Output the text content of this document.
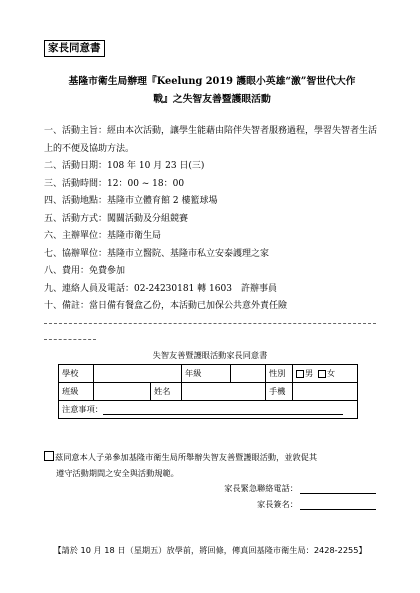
家長同意書
基隆市衛生局辦理『Keelung 2019 護眼小英雄“激”智世代大作
戰』之失智友善暨護眼活動
一、活動主旨：經由本次活動，讓學生能藉由陪伴失智者服務過程，學習失智者生活上的不便及協助方法。
二、活動日期：108 年 10 月 23 日(三)
三、活動時間：12：00 ~ 18：00
四、活動地點：基隆市立體育館 2 樓籃球場
五、活動方式：闖關活動及分組競賽
六、主辦單位：基隆市衛生局
七、協辦單位：基隆市立醫院、基隆市私立安泰護理之家
八、費用：免費參加
九、連絡人員及電話：02-24230181 轉 1603　許辦事員
十、備註：當日備有餐盒乙份，本活動已加保公共意外責任險
失智友善暨護眼活動家長同意書
學校			年級		性別	男 女
班級		姓名			手機	
注意事項：						
茲同意本人子弟參加基隆市衛生局所舉辦失智友善暨護眼活動，並敦促其
遵守活動期間之安全與活動規範。
家長緊急聯絡電話：
家長簽名：
【請於 10 月 18 日（星期五）放學前，將回條，傳真回基隆市衛生局：2428-2255】
